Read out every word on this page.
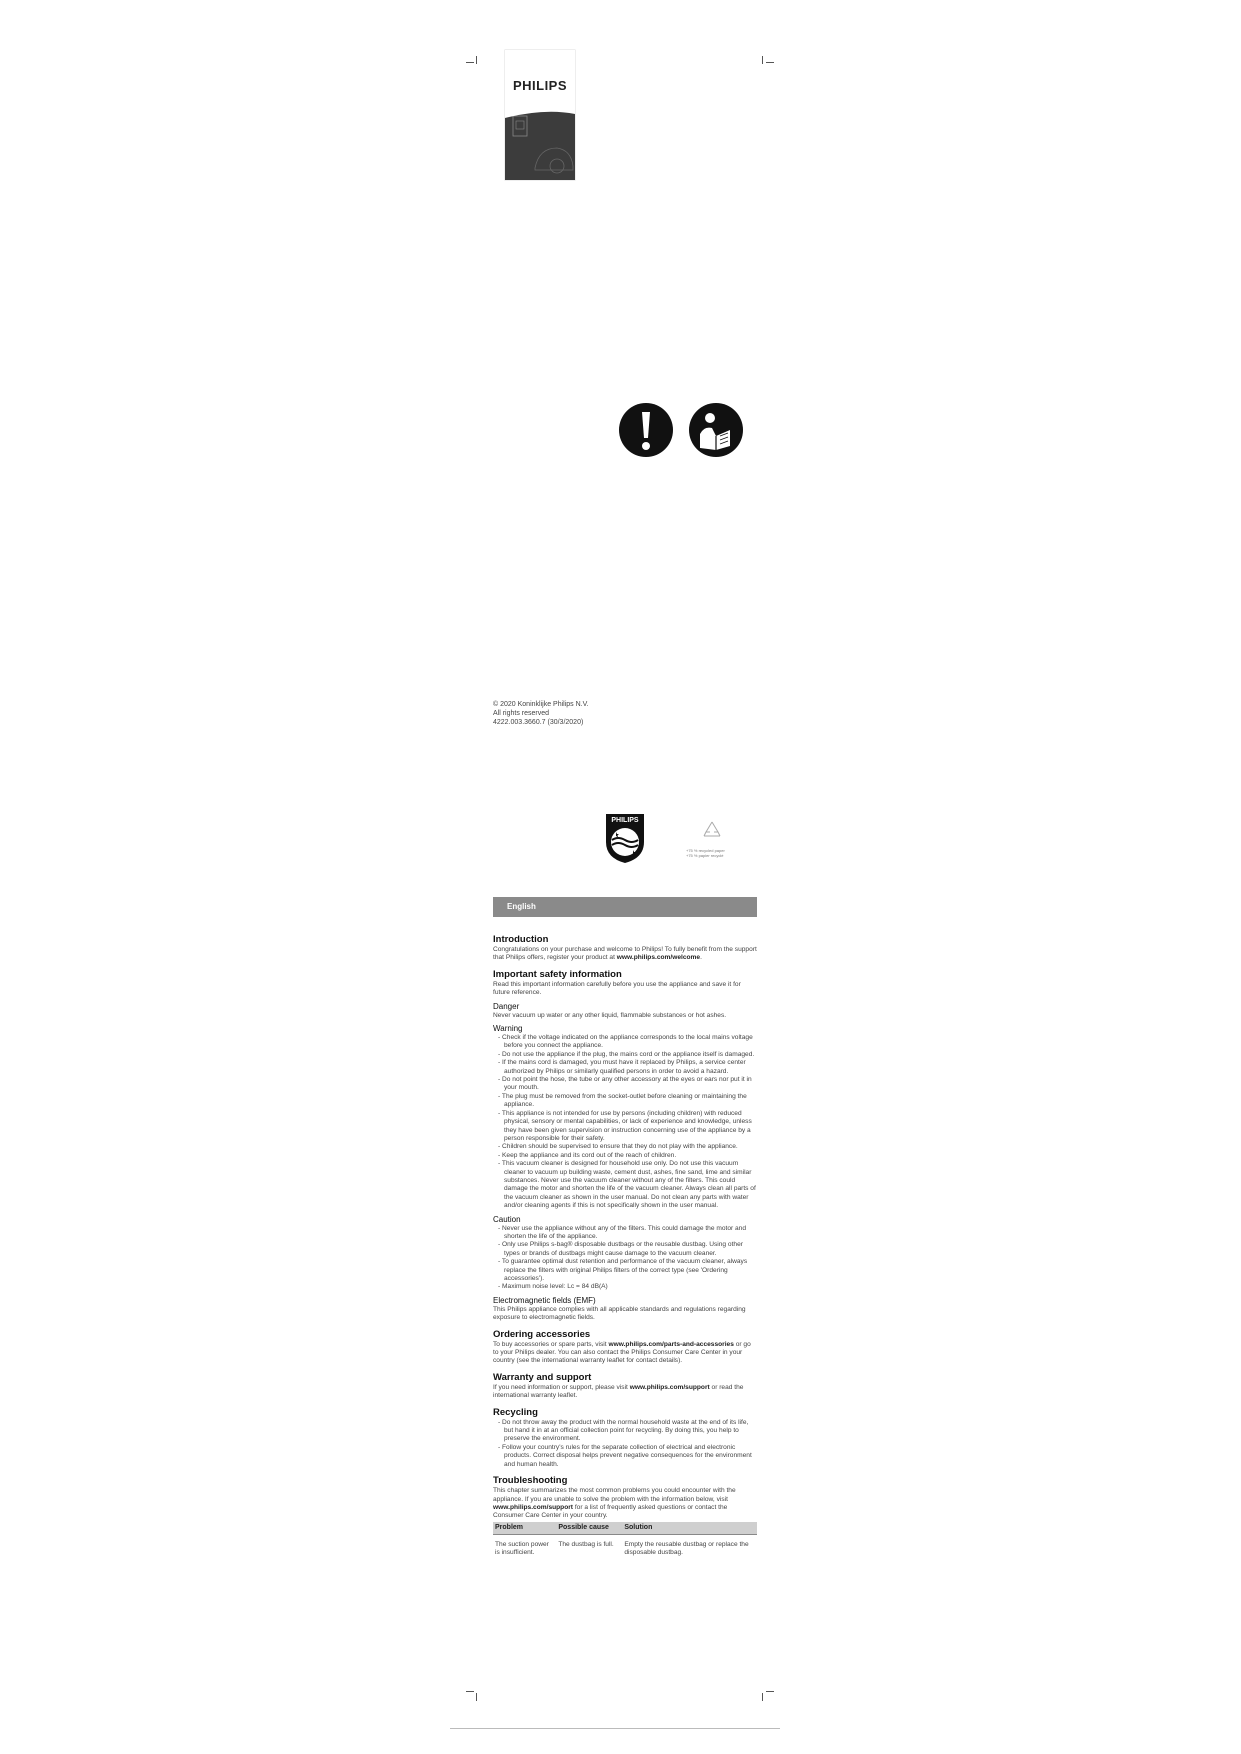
PHILIPS
© 2020 Koninklijke Philips N.V.
All rights reserved
4222.003.3660.7 (30/3/2020)
PHILIPS
+75 % recycled paper
+75 % papier recyclé
English
Introduction

Congratulations on your purchase and welcome to Philips! To fully benefit from the support that Philips offers, register your product at www.philips.com/welcome.

Important safety information

Read this important information carefully before you use the appliance and save it for future reference.

Danger

Never vacuum up water or any other liquid, flammable substances or hot ashes.

Warning
- Check if the voltage indicated on the appliance corresponds to the local mains voltage before you connect the appliance.
- Do not use the appliance if the plug, the mains cord or the appliance itself is damaged.
- If the mains cord is damaged, you must have it replaced by Philips, a service center authorized by Philips or similarly qualified persons in order to avoid a hazard.
- Do not point the hose, the tube or any other accessory at the eyes or ears nor put it in your mouth.
- The plug must be removed from the socket-outlet before cleaning or maintaining the appliance.
- This appliance is not intended for use by persons (including children) with reduced physical, sensory or mental capabilities, or lack of experience and knowledge, unless they have been given supervision or instruction concerning use of the appliance by a person responsible for their safety.
- Children should be supervised to ensure that they do not play with the appliance.
- Keep the appliance and its cord out of the reach of children.
- This vacuum cleaner is designed for household use only. Do not use this vacuum cleaner to vacuum up building waste, cement dust, ashes, fine sand, lime and similar substances. Never use the vacuum cleaner without any of the filters. This could damage the motor and shorten the life of the vacuum cleaner. Always clean all parts of the vacuum cleaner as shown in the user manual. Do not clean any parts with water and/or cleaning agents if this is not specifically shown in the user manual.
Caution
- Never use the appliance without any of the filters. This could damage the motor and shorten the life of the appliance.
- Only use Philips s-bag® disposable dustbags or the reusable dustbag. Using other types or brands of dustbags might cause damage to the vacuum cleaner.
- To guarantee optimal dust retention and performance of the vacuum cleaner, always replace the filters with original Philips filters of the correct type (see 'Ordering accessories').
- Maximum noise level: Lc = 84 dB(A)
Electromagnetic fields (EMF)

This Philips appliance complies with all applicable standards and regulations regarding exposure to electromagnetic fields.

Ordering accessories

To buy accessories or spare parts, visit www.philips.com/parts-and-accessories or go to your Philips dealer. You can also contact the Philips Consumer Care Center in your country (see the international warranty leaflet for contact details).

Warranty and support

If you need information or support, please visit www.philips.com/support or read the international warranty leaflet.

Recycling
- Do not throw away the product with the normal household waste at the end of its life, but hand it in at an official collection point for recycling. By doing this, you help to preserve the environment.
- Follow your country's rules for the separate collection of electrical and electronic products. Correct disposal helps prevent negative consequences for the environment and human health.
Troubleshooting

This chapter summarizes the most common problems you could encounter with the appliance. If you are unable to solve the problem with the information below, visit www.philips.com/support for a list of frequently asked questions or contact the Consumer Care Center in your country.

Problem	Possible cause	Solution
The suction power is insufficient.	The dustbag is full.	Empty the reusable dustbag or replace the disposable dustbag.
